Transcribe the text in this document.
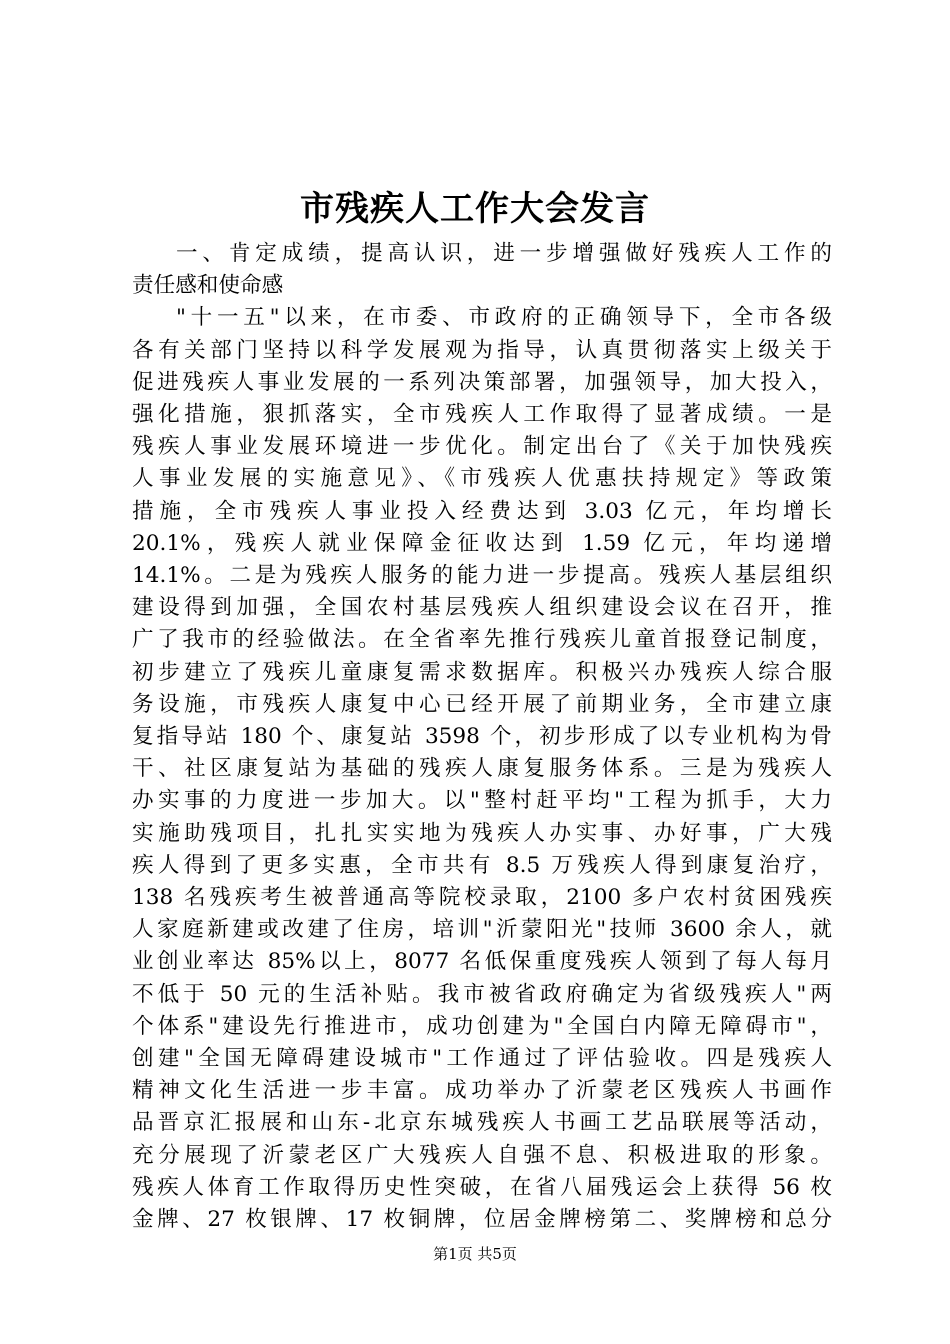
市残疾人工作大会发言
一、肯定成绩，提高认识，进一步增强做好残疾人工作的
责任感和使命感
"十一五"以来，在市委、市政府的正确领导下，全市各级
各有关部门坚持以科学发展观为指导，认真贯彻落实上级关于
促进残疾人事业发展的一系列决策部署，加强领导，加大投入，
强化措施，狠抓落实，全市残疾人工作取得了显著成绩。一是
残疾人事业发展环境进一步优化。制定出台了《关于加快残疾
人事业发展的实施意见》、《市残疾人优惠扶持规定》等政策
措施，全市残疾人事业投入经费达到 3.03 亿元，年均增长
20.1%，残疾人就业保障金征收达到 1.59 亿元，年均递增
14.1%。二是为残疾人服务的能力进一步提高。残疾人基层组织
建设得到加强，全国农村基层残疾人组织建设会议在召开，推
广了我市的经验做法。在全省率先推行残疾儿童首报登记制度，
初步建立了残疾儿童康复需求数据库。积极兴办残疾人综合服
务设施，市残疾人康复中心已经开展了前期业务，全市建立康
复指导站 180 个、康复站 3598 个，初步形成了以专业机构为骨
干、社区康复站为基础的残疾人康复服务体系。三是为残疾人
办实事的力度进一步加大。以"整村赶平均"工程为抓手，大力
实施助残项目，扎扎实实地为残疾人办实事、办好事，广大残
疾人得到了更多实惠，全市共有 8.5 万残疾人得到康复治疗，
138 名残疾考生被普通高等院校录取，2100 多户农村贫困残疾
人家庭新建或改建了住房，培训"沂蒙阳光"技师 3600 余人，就
业创业率达 85%以上，8077 名低保重度残疾人领到了每人每月
不低于 50 元的生活补贴。我市被省政府确定为省级残疾人"两
个体系"建设先行推进市，成功创建为"全国白内障无障碍市"，
创建"全国无障碍建设城市"工作通过了评估验收。四是残疾人
精神文化生活进一步丰富。成功举办了沂蒙老区残疾人书画作
品晋京汇报展和山东-北京东城残疾人书画工艺品联展等活动，
充分展现了沂蒙老区广大残疾人自强不息、积极进取的形象。
残疾人体育工作取得历史性突破，在省八届残运会上获得 56 枚
金牌、27 枚银牌、17 枚铜牌，位居金牌榜第二、奖牌榜和总分
第1页 共5页
